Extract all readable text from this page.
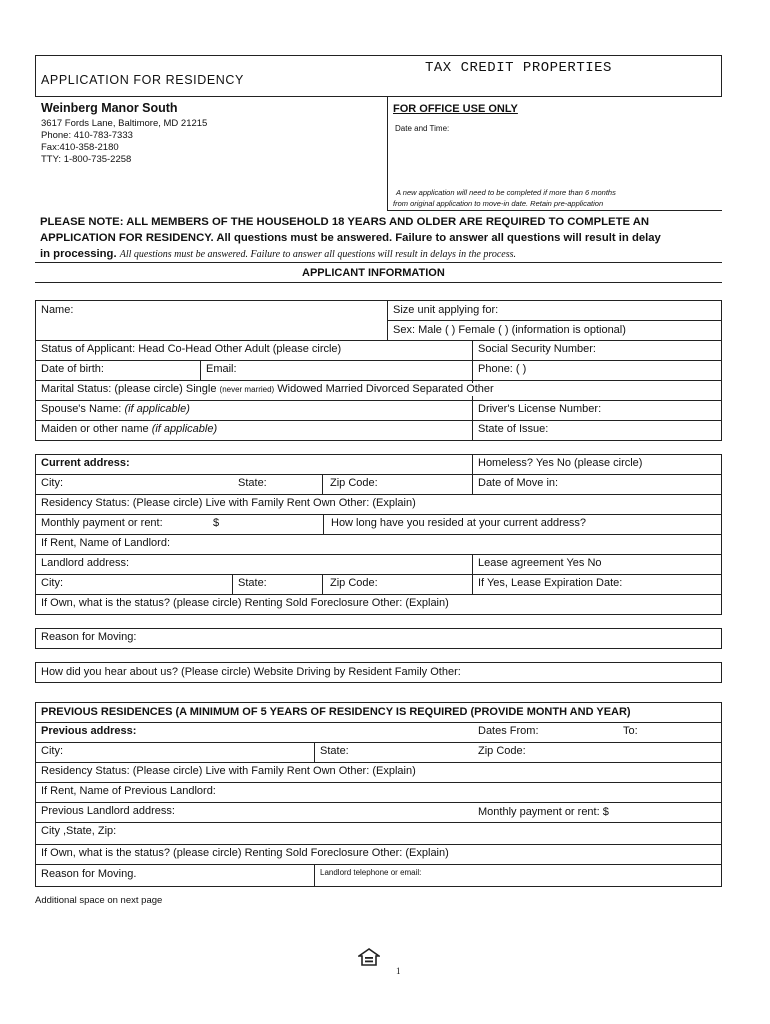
APPLICATION FOR RESIDENCY
TAX CREDIT PROPERTIES
Weinberg Manor South
3617 Fords Lane, Baltimore, MD 21215
Phone: 410-783-7333
Fax:410-358-2180
TTY: 1-800-735-2258
FOR OFFICE USE ONLY
Date and Time:
A new application will need to be completed if more than 6 months
from original application to move-in date. Retain pre-application
PLEASE NOTE: ALL MEMBERS OF THE HOUSEHOLD 18 YEARS AND OLDER ARE REQUIRED TO COMPLETE AN
APPLICATION FOR RESIDENCY. All questions must be answered. Failure to answer all questions will result in delay
in processing. All questions must be answered. Failure to answer all questions will result in delays in the process.
APPLICANT INFORMATION
Name:	Size unit applying for:
Sex: Male ( ) Female ( ) (information is optional)
Status of Applicant: Head Co-Head Other Adult (please circle)	Social Security Number:
Date of birth:	Email:	Phone: ( )
Marital Status: (please circle) Single (never married) Widowed Married Divorced Separated Other
Spouse's Name: (if applicable)	Driver's License Number:
Maiden or other name (if applicable)	State of Issue:
Current address:	Homeless? Yes No (please circle)
City:	State:	Zip Code:	Date of Move in:
Residency Status: (Please circle) Live with Family Rent Own Other: (Explain)
Monthly payment or rent:	$	How long have you resided at your current address?
If Rent, Name of Landlord:
Landlord address:	Lease agreement Yes No
City:	State:	Zip Code:	If Yes, Lease Expiration Date:
If Own, what is the status? (please circle) Renting Sold Foreclosure Other: (Explain)
Reason for Moving:
How did you hear about us? (Please circle) Website Driving by Resident Family Other:
PREVIOUS RESIDENCES (A MINIMUM OF 5 YEARS OF RESIDENCY IS REQUIRED (PROVIDE MONTH AND YEAR)
Previous address:	Dates From:	To:
City:	State:	Zip Code:
Residency Status: (Please circle) Live with Family Rent Own Other: (Explain)
If Rent, Name of Previous Landlord:
Previous Landlord address:	Monthly payment or rent: $
City ,State, Zip:
If Own, what is the status? (please circle) Renting Sold Foreclosure Other: (Explain)
Reason for Moving.	Landlord telephone or email:
Additional space on next page
1
